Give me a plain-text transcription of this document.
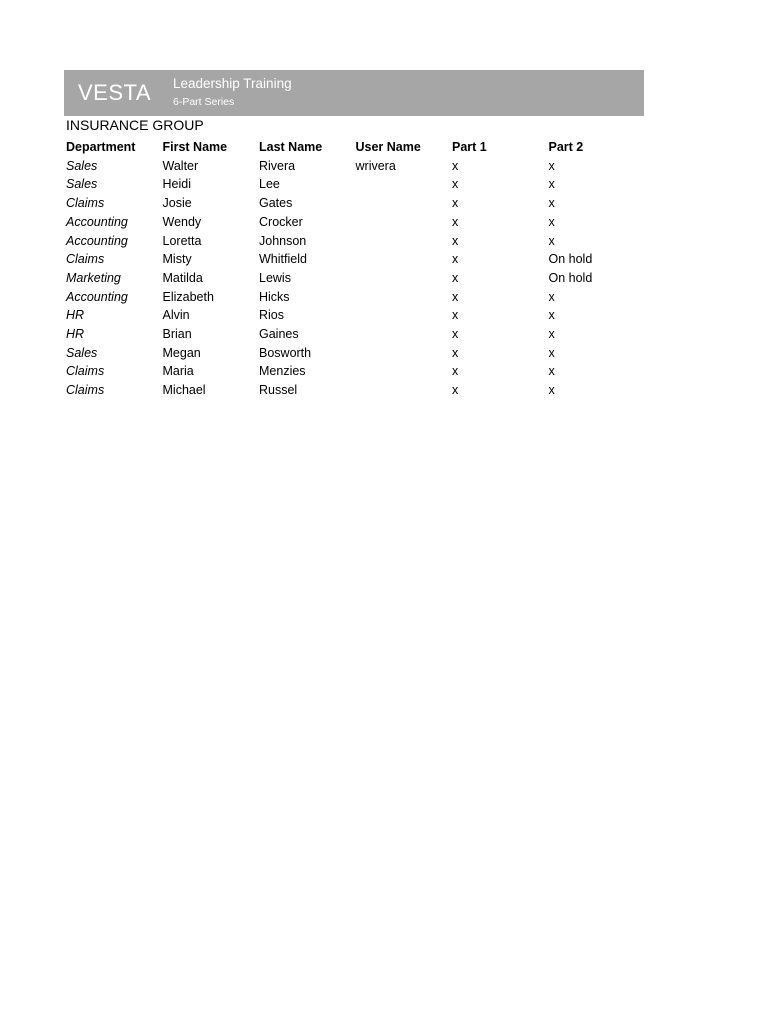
VESTA Leadership Training
6-Part Series
INSURANCE GROUP
Department	First Name	Last Name	User Name	Part 1	Part 2
Sales	Walter	Rivera	wrivera	x	x
Sales	Heidi	Lee		x	x
Claims	Josie	Gates		x	x
Accounting	Wendy	Crocker		x	x
Accounting	Loretta	Johnson		x	x
Claims	Misty	Whitfield		x	On hold
Marketing	Matilda	Lewis		x	On hold
Accounting	Elizabeth	Hicks		x	x
HR	Alvin	Rios		x	x
HR	Brian	Gaines		x	x
Sales	Megan	Bosworth		x	x
Claims	Maria	Menzies		x	x
Claims	Michael	Russel		x	x
